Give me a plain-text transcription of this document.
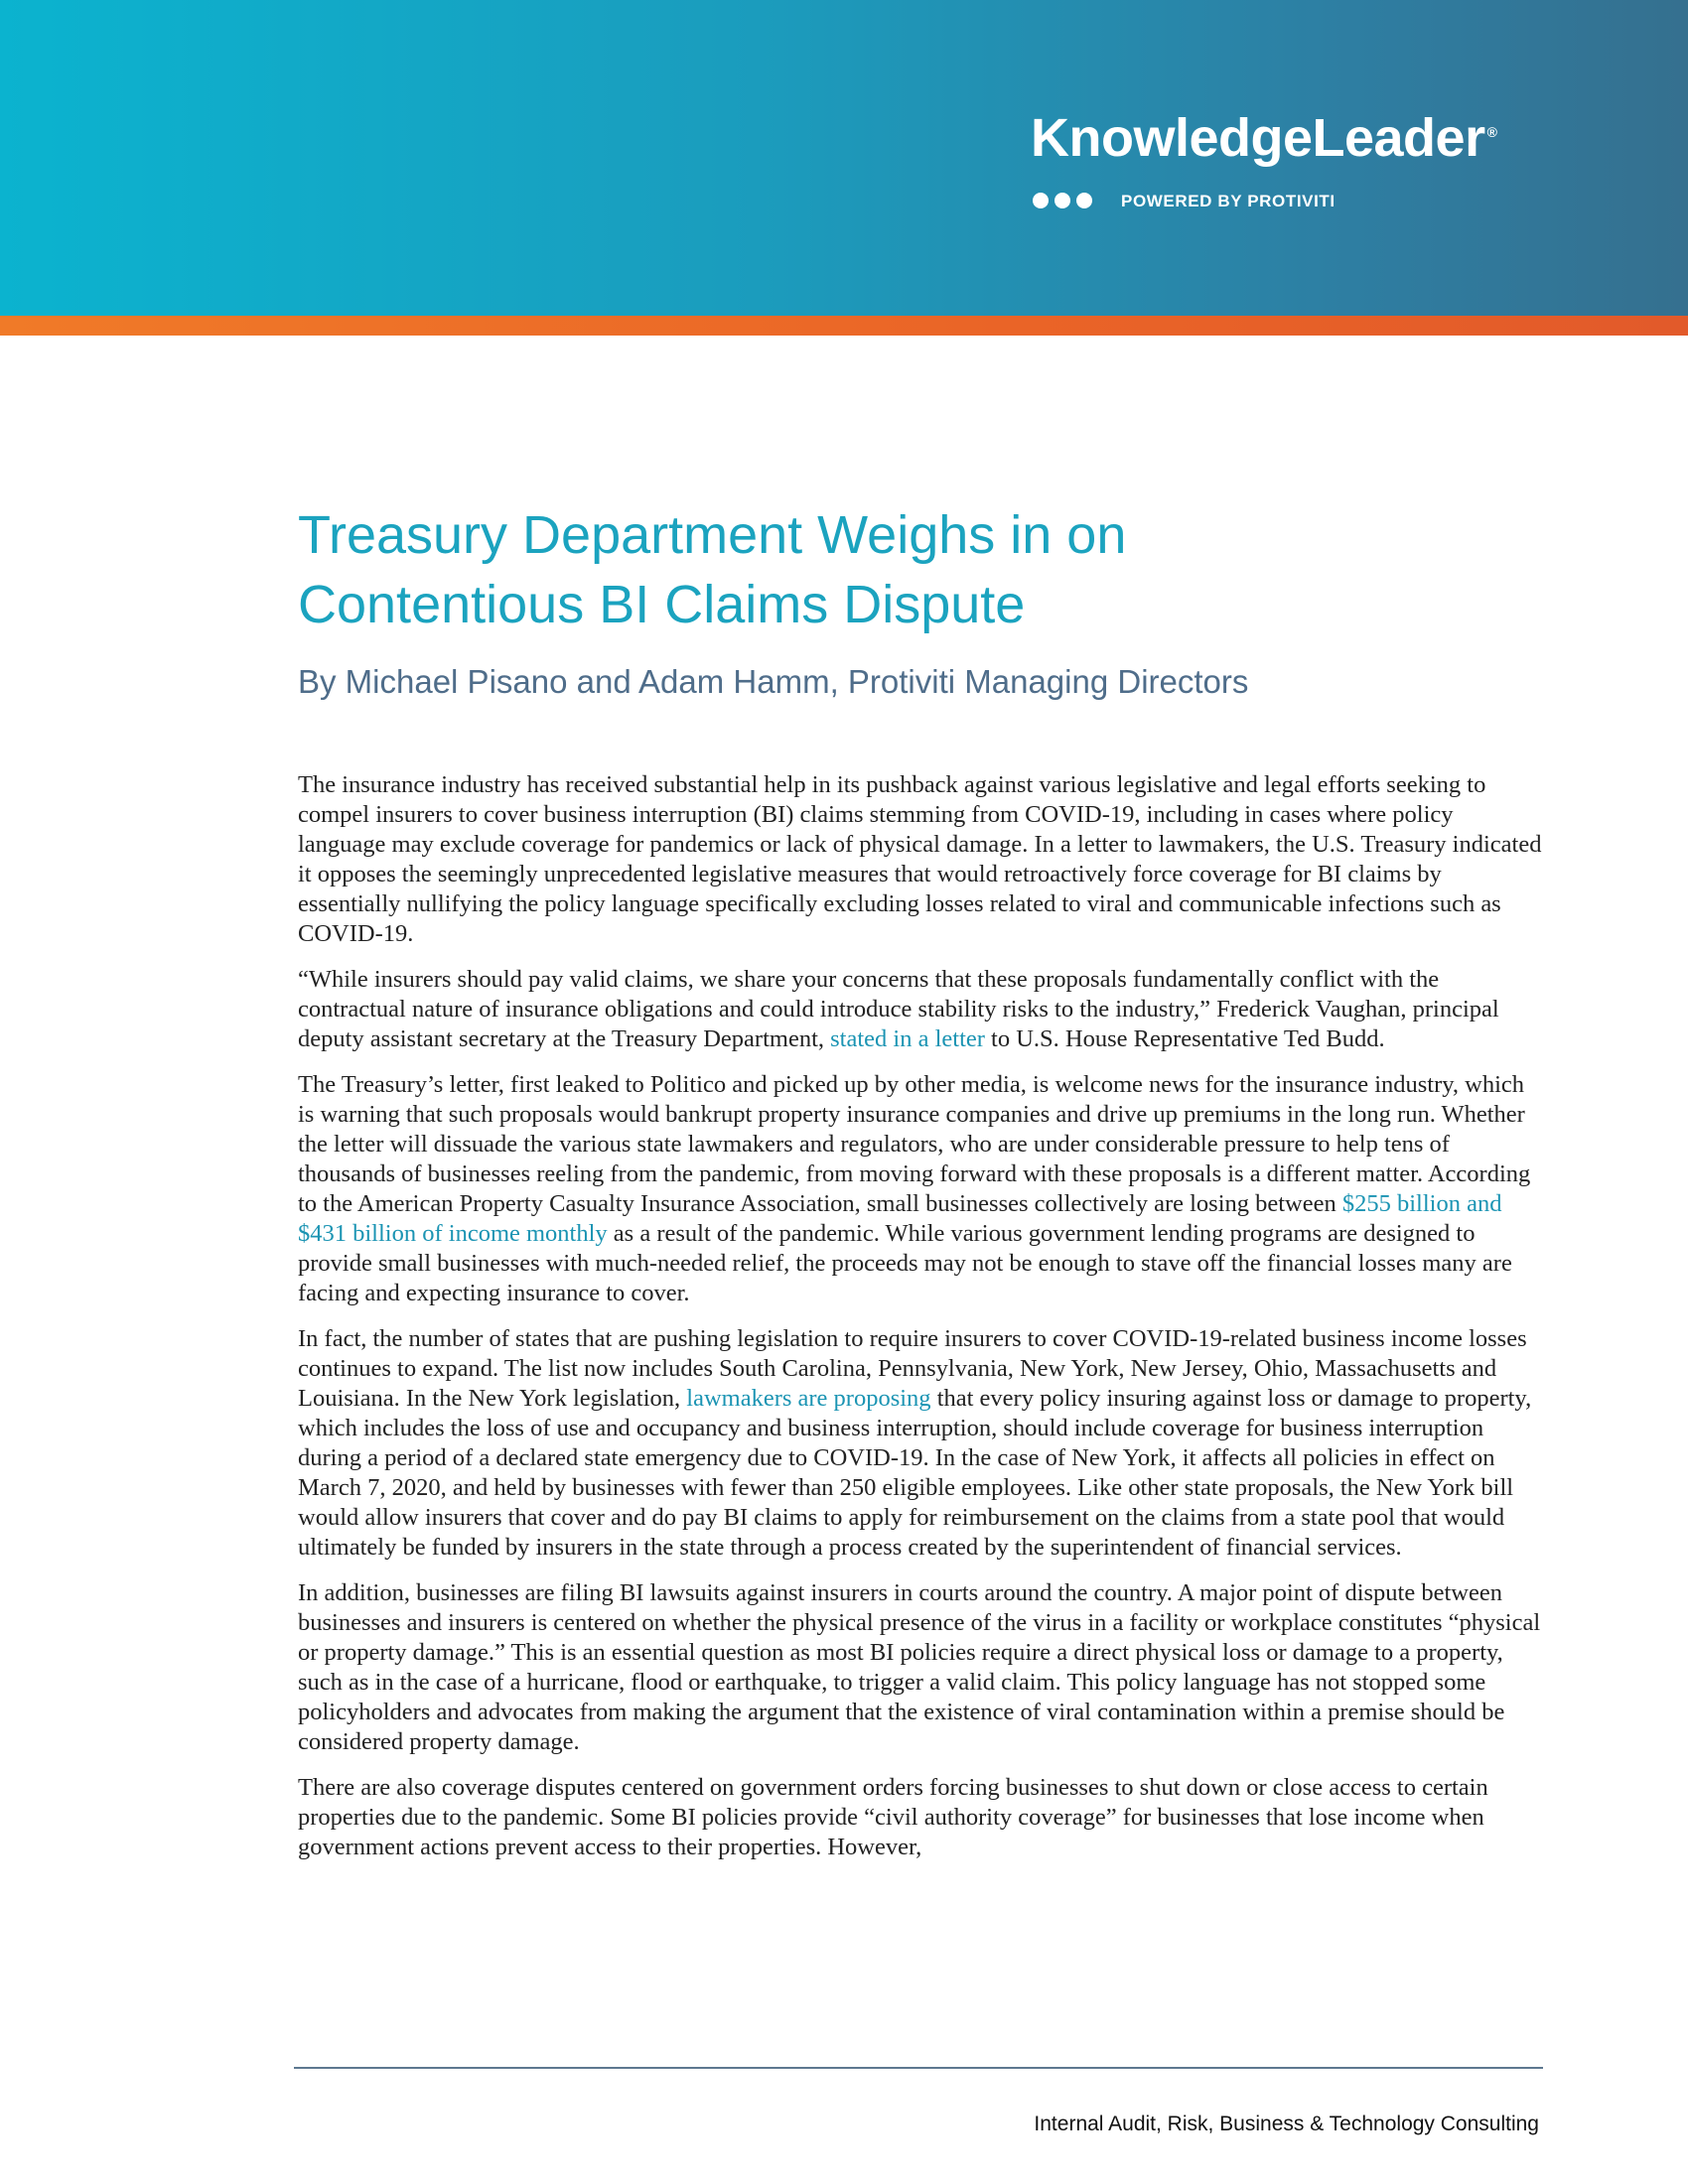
KnowledgeLeader ®
POWERED BY PROTIVITI
Treasury Department Weighs in on Contentious BI Claims Dispute
By Michael Pisano and Adam Hamm, Protiviti Managing Directors

The insurance industry has received substantial help in its pushback against various legislative and legal efforts seeking to compel insurers to cover business interruption (BI) claims stemming from COVID-19, including in cases where policy language may exclude coverage for pandemics or lack of physical damage. In a letter to lawmakers, the U.S. Treasury indicated it opposes the seemingly unprecedented legislative measures that would retroactively force coverage for BI claims by essentially nullifying the policy language specifically excluding losses related to viral and communicable infections such as COVID-19.

“While insurers should pay valid claims, we share your concerns that these proposals fundamentally conflict with the contractual nature of insurance obligations and could introduce stability risks to the industry,” Frederick Vaughan, principal deputy assistant secretary at the Treasury Department, stated in a letter to U.S. House Representative Ted Budd.

The Treasury’s letter, first leaked to Politico and picked up by other media, is welcome news for the insurance industry, which is warning that such proposals would bankrupt property insurance companies and drive up premiums in the long run. Whether the letter will dissuade the various state lawmakers and regulators, who are under considerable pressure to help tens of thousands of businesses reeling from the pandemic, from moving forward with these proposals is a different matter. According to the American Property Casualty Insurance Association, small businesses collectively are losing between $255 billion and $431 billion of income monthly as a result of the pandemic. While various government lending programs are designed to provide small businesses with much-needed relief, the proceeds may not be enough to stave off the financial losses many are facing and expecting insurance to cover.

In fact, the number of states that are pushing legislation to require insurers to cover COVID-19-related business income losses continues to expand. The list now includes South Carolina, Pennsylvania, New York, New Jersey, Ohio, Massachusetts and Louisiana. In the New York legislation, lawmakers are proposing that every policy insuring against loss or damage to property, which includes the loss of use and occupancy and business interruption, should include coverage for business interruption during a period of a declared state emergency due to COVID-19. In the case of New York, it affects all policies in effect on March 7, 2020, and held by businesses with fewer than 250 eligible employees. Like other state proposals, the New York bill would allow insurers that cover and do pay BI claims to apply for reimbursement on the claims from a state pool that would ultimately be funded by insurers in the state through a process created by the superintendent of financial services.

In addition, businesses are filing BI lawsuits against insurers in courts around the country. A major point of dispute between businesses and insurers is centered on whether the physical presence of the virus in a facility or workplace constitutes “physical or property damage.” This is an essential question as most BI policies require a direct physical loss or damage to a property, such as in the case of a hurricane, flood or earthquake, to trigger a valid claim. This policy language has not stopped some policyholders and advocates from making the argument that the existence of viral contamination within a premise should be considered property damage.

There are also coverage disputes centered on government orders forcing businesses to shut down or close access to certain properties due to the pandemic. Some BI policies provide “civil authority coverage” for businesses that lose income when government actions prevent access to their properties. However,

Internal Audit, Risk, Business & Technology Consulting
